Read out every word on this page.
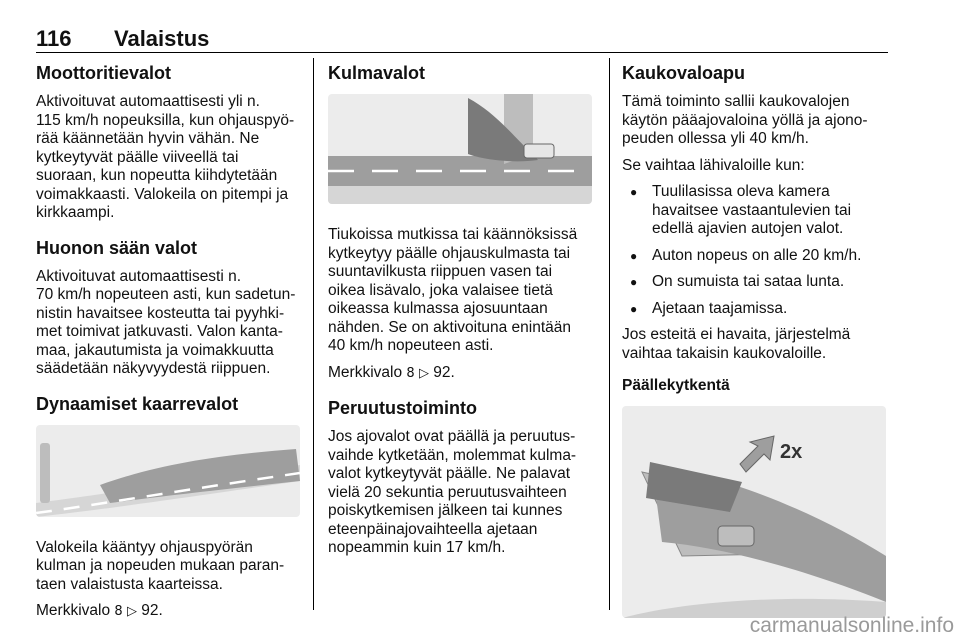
116 Valaistus
Moottoritievalot

Aktivoituvat automaattisesti yli n.
115 km/h nopeuksilla, kun ohjauspyö-
rää käännetään hyvin vähän. Ne
kytkeytyvät päälle viiveellä tai
suoraan, kun nopeutta kiihdytetään
voimakkaasti. Valokeila on pitempi ja
kirkkaampi.

Huonon sään valot

Aktivoituvat automaattisesti n.
70 km/h nopeuteen asti, kun sadetun-
nistin havaitsee kosteutta tai pyyhki-
met toimivat jatkuvasti. Valon kanta-
maa, jakautumista ja voimakkuutta
säädetään näkyvyydestä riippuen.

Dynaamiset kaarrevalot

Valokeila kääntyy ohjauspyörän
kulman ja nopeuden mukaan paran-
taen valaistusta kaarteissa.

Merkkivalo 8 ▷ 92.

Kulmavalot

Tiukoissa mutkissa tai käännöksissä
kytkeytyy päälle ohjauskulmasta tai
suuntavilkusta riippuen vasen tai
oikea lisävalo, joka valaisee tietä
oikeassa kulmassa ajosuuntaan
nähden. Se on aktivoituna enintään
40 km/h nopeuteen asti.

Merkkivalo 8 ▷ 92.

Peruutustoiminto

Jos ajovalot ovat päällä ja peruutus-
vaihde kytketään, molemmat kulma-
valot kytkeytyvät päälle. Ne palavat
vielä 20 sekuntia peruutusvaihteen
poiskytkemisen jälkeen tai kunnes
eteenpäinajovaihteella ajetaan
nopeammin kuin 17 km/h.

Kaukovaloapu

Tämä toiminto sallii kaukovalojen
käytön pääajovaloina yöllä ja ajono-
peuden ollessa yli 40 km/h.

Se vaihtaa lähivaloille kun:

● Tuulilasissa oleva kamera
havaitsee vastaantulevien tai
edellä ajavien autojen valot.
● Auton nopeus on alle 20 km/h.
● On sumuista tai sataa lunta.
● Ajetaan taajamissa.

Jos esteitä ei havaita, järjestelmä
vaihtaa takaisin kaukovaloille.

Päällekytkentä
2x
carmanualsonline.info
